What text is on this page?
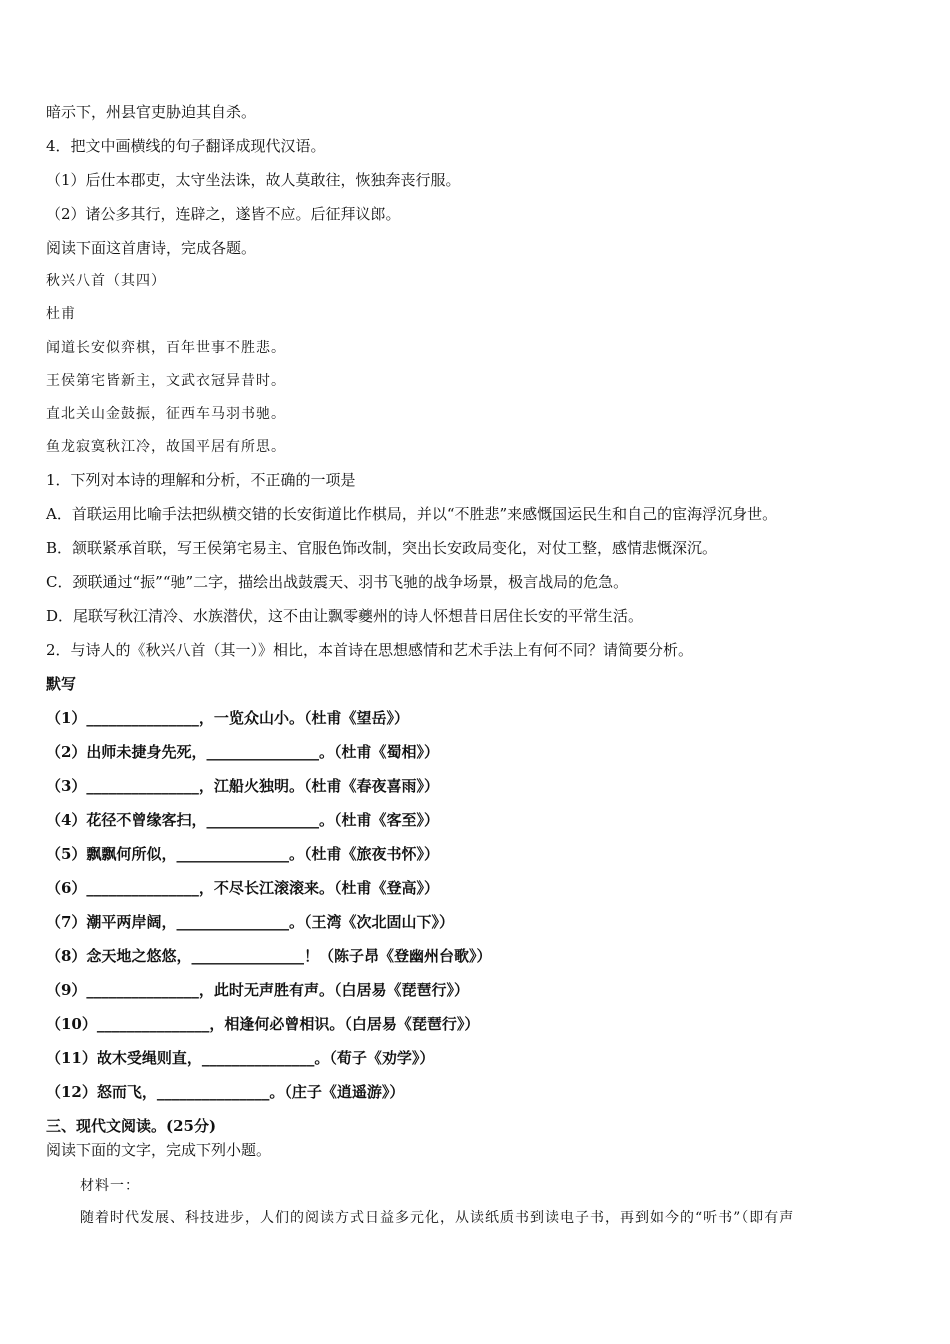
暗示下，州县官吏胁迫其自杀。
4．把文中画横线的句子翻译成现代汉语。
（1）后仕本郡吏，太守坐法诛，故人莫敢往，恢独奔丧行服。
（2）诸公多其行，连辟之，遂皆不应。后征拜议郎。
阅读下面这首唐诗，完成各题。
秋兴八首（其四）
杜甫
闻道长安似弈棋，百年世事不胜悲。
王侯第宅皆新主，文武衣冠异昔时。
直北关山金鼓振，征西车马羽书驰。
鱼龙寂寞秋江冷，故国平居有所思。
1．下列对本诗的理解和分析，不正确的一项是
A．首联运用比喻手法把纵横交错的长安街道比作棋局，并以“不胜悲”来感慨国运民生和自己的宦海浮沉身世。
B．颔联紧承首联，写王侯第宅易主、官服色饰改制，突出长安政局变化，对仗工整，感情悲慨深沉。
C．颈联通过“振”“驰”二字，描绘出战鼓震天、羽书飞驰的战争场景，极言战局的危急。
D．尾联写秋江清冷、水族潜伏，这不由让飘零夔州的诗人怀想昔日居住长安的平常生活。
2．与诗人的《秋兴八首（其一）》相比，本首诗在思想感情和艺术手法上有何不同？请简要分析。
默写
（1）_______________，一览众山小。（杜甫《望岳》）
（2）出师未捷身先死，_______________。（杜甫《蜀相》）
（3）_______________，江船火独明。（杜甫《春夜喜雨》）
（4）花径不曾缘客扫，_______________。（杜甫《客至》）
（5）飘飘何所似，_______________。（杜甫《旅夜书怀》）
（6）_______________，不尽长江滚滚来。（杜甫《登高》）
（7）潮平两岸阔，_______________。（王湾《次北固山下》）
（8）念天地之悠悠，_______________！（陈子昂《登幽州台歌》）
（9）_______________，此时无声胜有声。（白居易《琵琶行》）
（10）_______________，相逢何必曾相识。（白居易《琵琶行》）
（11）故木受绳则直，_______________。（荀子《劝学》）
（12）怒而飞，_______________。（庄子《逍遥游》）
三、现代文阅读。(25分)
阅读下面的文字，完成下列小题。
材料一：
随着时代发展、科技进步，人们的阅读方式日益多元化，从读纸质书到读电子书，再到如今的“听书”（即有声
